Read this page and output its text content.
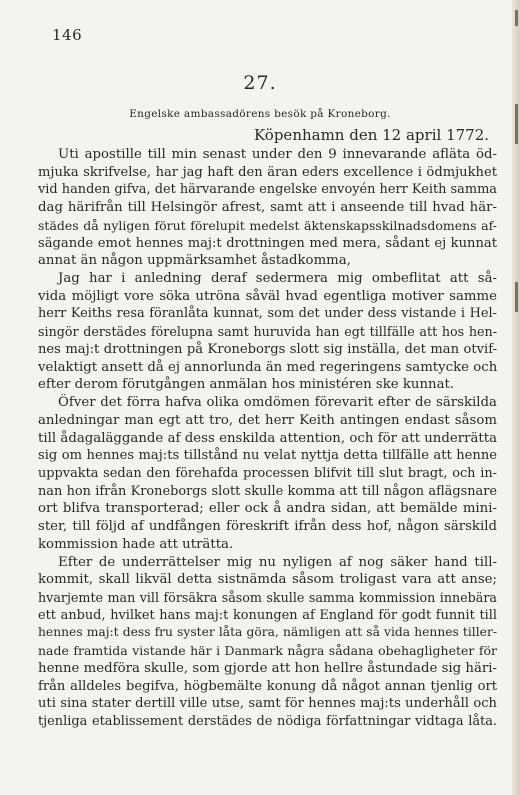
146
27.
Engelske ambassadörens besök på Kroneborg.
Köpenhamn den 12 april 1772.
Uti apostille till min senast under den 9 innevarande afläta öd-
mjuka skrifvelse, har jag haft den äran eders excellence i ödmjukhet
vid handen gifva, det härvarande engelske envoyén herr Keith samma
dag härifrån till Helsingör afrest, samt att i anseende till hvad här-
städes då nyligen förut förelupit medelst äktenskapsskilnadsdomens af-
sägande emot hennes maj:t drottningen med mera, sådant ej kunnat
annat än någon uppmärksamhet åstadkomma,
Jag har i anledning deraf sedermera mig ombeflitat att så-
vida möjligt vore söka utröna såväl hvad egentliga motiver samme
herr Keiths resa föranlåta kunnat, som det under dess vistande i Hel-
singör derstädes förelupna samt huruvida han egt tillfälle att hos hen-
nes maj:t drottningen på Kroneborgs slott sig inställa, det man otvif-
velaktigt ansett då ej annorlunda än med regeringens samtycke och
efter derom förutgången anmälan hos ministéren ske kunnat.
Öfver det förra hafva olika omdömen förevarit efter de särskilda
anledningar man egt att tro, det herr Keith antingen endast såsom
till ådagaläggande af dess enskilda attention, och för att underrätta
sig om hennes maj:ts tillstånd nu velat nyttja detta tillfälle att henne
uppvakta sedan den förehafda processen blifvit till slut bragt, och in-
nan hon ifrån Kroneborgs slott skulle komma att till någon aflägsnare
ort blifva transporterad; eller ock å andra sidan, att bemälde mini-
ster, till följd af undfången föreskrift ifrån dess hof, någon särskild
kommission hade att uträtta.
Efter de underrättelser mig nu nyligen af nog säker hand till-
kommit, skall likväl detta sistnämda såsom troligast vara att anse;
hvarjemte man vill försäkra såsom skulle samma kommission innebära
ett anbud, hvilket hans maj:t konungen af England för godt funnit till
hennes maj:t dess fru syster låta göra, nämligen att så vida hennes tiller-
nade framtida vistande här i Danmark några sådana obehagligheter för
henne medföra skulle, som gjorde att hon hellre åstundade sig häri-
från alldeles begifva, högbemälte konung då något annan tjenlig ort
uti sina stater dertill ville utse, samt för hennes maj:ts underhåll och
tjenliga etablissement derstädes de nödiga författningar vidtaga låta.
